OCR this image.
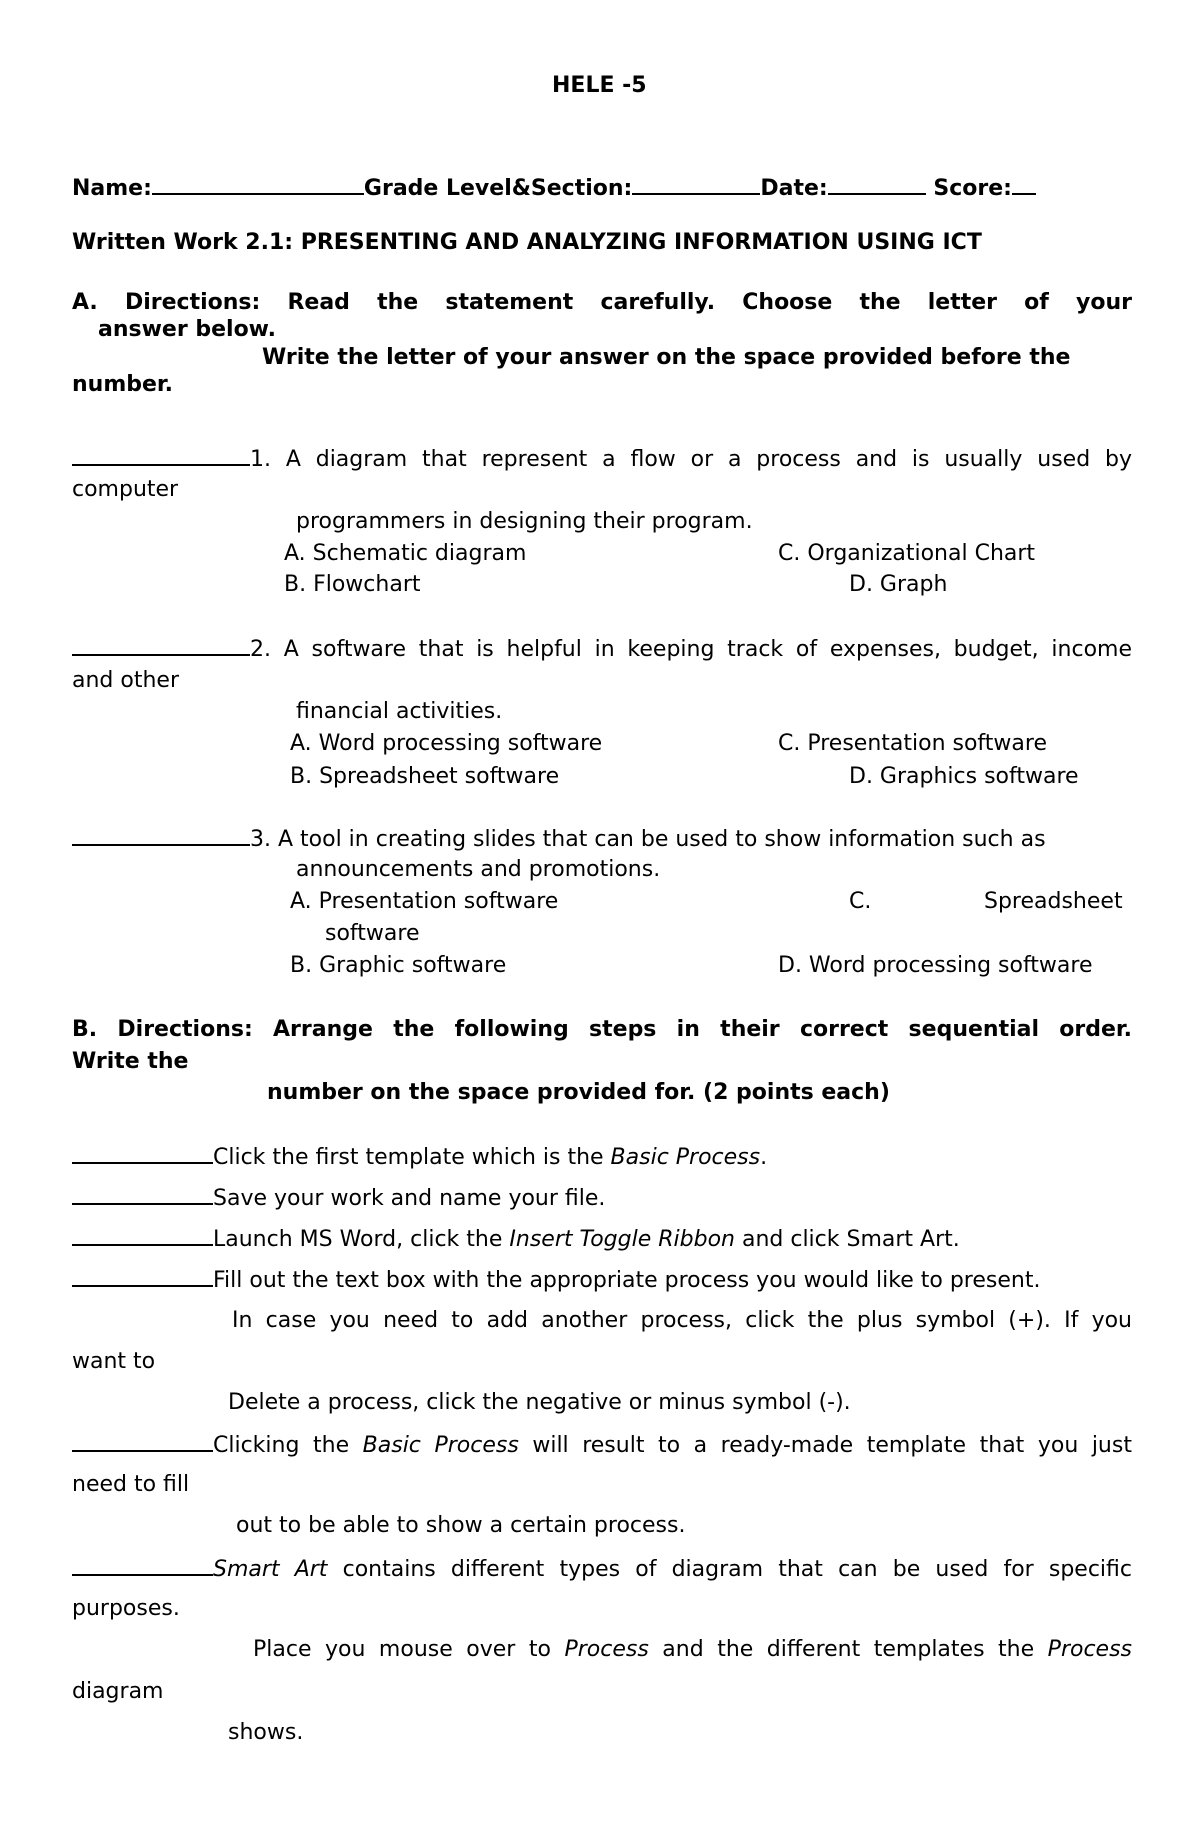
HELE -5
Name:	Grade Level&Section:	Date:	Score:
Written Work 2.1: PRESENTING AND ANALYZING INFORMATION USING ICT
A. Directions: Read the statement carefully. Choose the letter of your
answer below.
Write the letter of your answer on the space provided before the
number.
1. A diagram that represent a flow or a process and is usually used by
computer
programmers in designing their program.
A. Schematic diagram	C. Organizational Chart
B. Flowchart	D. Graph
2. A software that is helpful in keeping track of expenses, budget, income
and other
financial activities.
A. Word processing software	C. Presentation software
B. Spreadsheet software	D. Graphics software
3. A tool in creating slides that can be used to show information such as
announcements and promotions.
A. Presentation software	C.	Spreadsheet
software
B. Graphic software	D. Word processing software
B. Directions: Arrange the following steps in their correct sequential order.
Write the
number on the space provided for. (2 points each)
Click the first template which is the Basic Process.
Save your work and name your file.
Launch MS Word, click the Insert Toggle Ribbon and click Smart Art.
Fill out the text box with the appropriate process you would like to present.
In case you need to add another process, click the plus symbol (+). If you
want to
Delete a process, click the negative or minus symbol (-).
Clicking the Basic Process will result to a ready-made template that you just
need to fill
out to be able to show a certain process.
Smart Art contains different types of diagram that can be used for specific
purposes.
Place you mouse over to Process and the different templates the Process
diagram
shows.
